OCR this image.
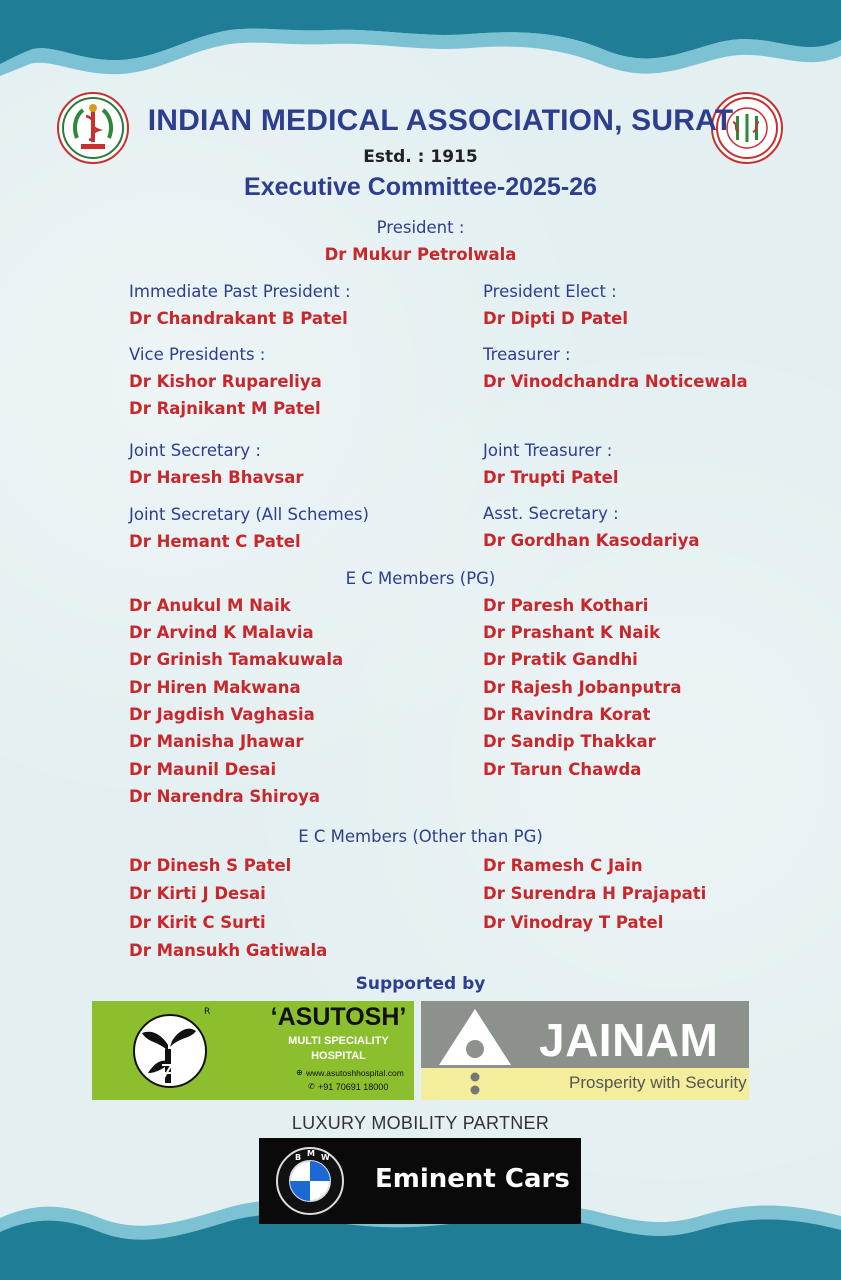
INDIAN MEDICAL ASSOCIATION, SURAT
Estd. : 1915
Executive Committee-2025-26
President :
Dr Mukur Petrolwala
Immediate Past President :
Dr Chandrakant B Patel
Vice Presidents :
Dr Kishor Rupareliya
Dr Rajnikant M Patel
Joint Secretary :
Dr Haresh Bhavsar
Joint Secretary (All Schemes)
Dr Hemant C Patel
President Elect :
Dr Dipti D Patel
Treasurer :
Dr Vinodchandra Noticewala
Joint Treasurer :
Dr Trupti Patel
Asst. Secretary :
Dr Gordhan Kasodariya
E C Members (PG)
Dr Anukul M Naik
Dr Arvind K Malavia
Dr Grinish Tamakuwala
Dr Hiren Makwana
Dr Jagdish Vaghasia
Dr Manisha Jhawar
Dr Maunil Desai
Dr Narendra Shiroya
Dr Paresh Kothari
Dr Prashant K Naik
Dr Pratik Gandhi
Dr Rajesh Jobanputra
Dr Ravindra Korat
Dr Sandip Thakkar
Dr Tarun Chawda
E C Members (Other than PG)
Dr Dinesh S Patel
Dr Kirti J Desai
Dr Kirit C Surti
Dr Mansukh Gatiwala
Dr Ramesh C Jain
Dr Surendra H Prajapati
Dr Vinodray T Patel
Supported by
R ‘ASUTOSH’
MULTI SPECIALITY
HOSPITAL
⊕ www.asutoshhospital.com
✆ +91 70691 18000
JAINAM
Prosperity with Security
LUXURY MOBILITY PARTNER
B M W
Eminent Cars
